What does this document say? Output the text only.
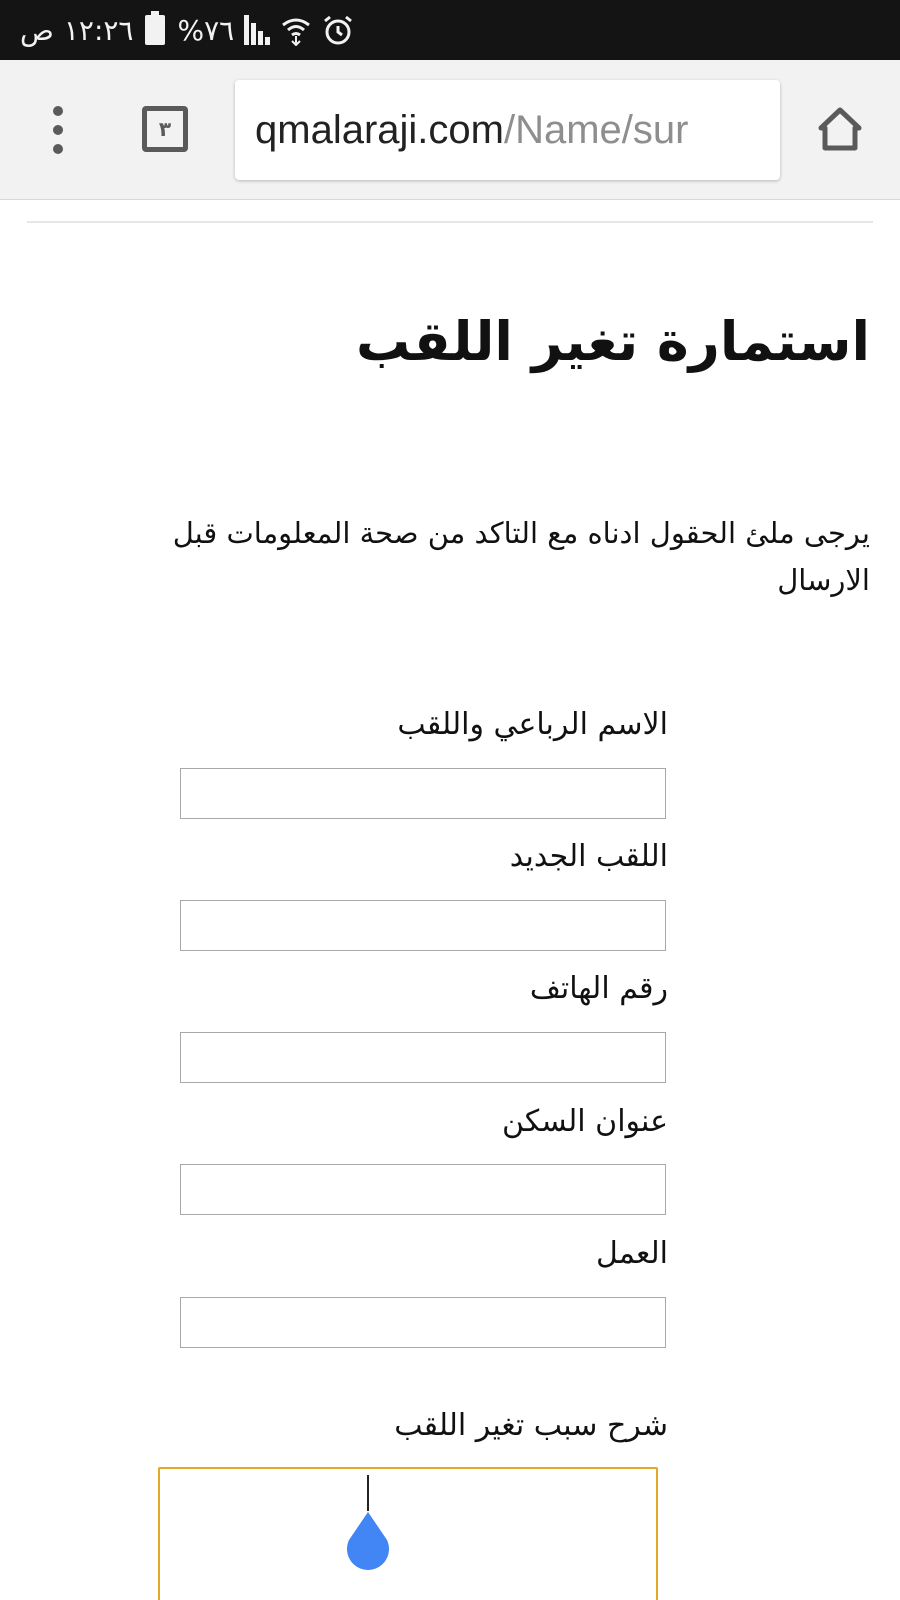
ص ١٢:٢٦ %٧٦
٣ qmalaraji.com /Name/sur
استمارة تغير اللقب

يرجى ملئ الحقول ادناه مع التاكد من صحة المعلومات قبل الارسال

الاسم الرباعي واللقب
اللقب الجديد
رقم الهاتف
عنوان السكن
العمل
شرح سبب تغير اللقب
